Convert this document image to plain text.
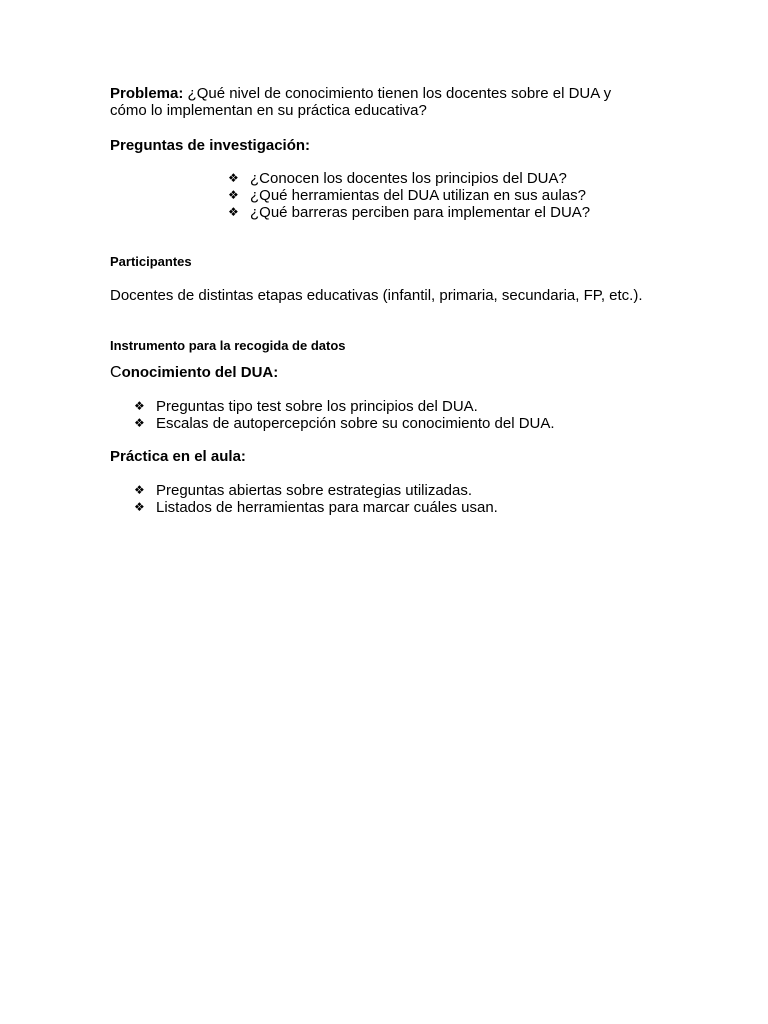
Problema: ¿Qué nivel de conocimiento tienen los docentes sobre el DUA y cómo lo implementan en su práctica educativa?

Preguntas de investigación:
❖ ¿Conocen los docentes los principios del DUA?
❖ ¿Qué herramientas del DUA utilizan en sus aulas?
❖ ¿Qué barreras perciben para implementar el DUA?
Participantes

Docentes de distintas etapas educativas (infantil, primaria, secundaria, FP, etc.).

Instrumento para la recogida de datos
Conocimiento del DUA:
❖ Preguntas tipo test sobre los principios del DUA.
❖ Escalas de autopercepción sobre su conocimiento del DUA.
Práctica en el aula:
❖ Preguntas abiertas sobre estrategias utilizadas.
❖ Listados de herramientas para marcar cuáles usan.
